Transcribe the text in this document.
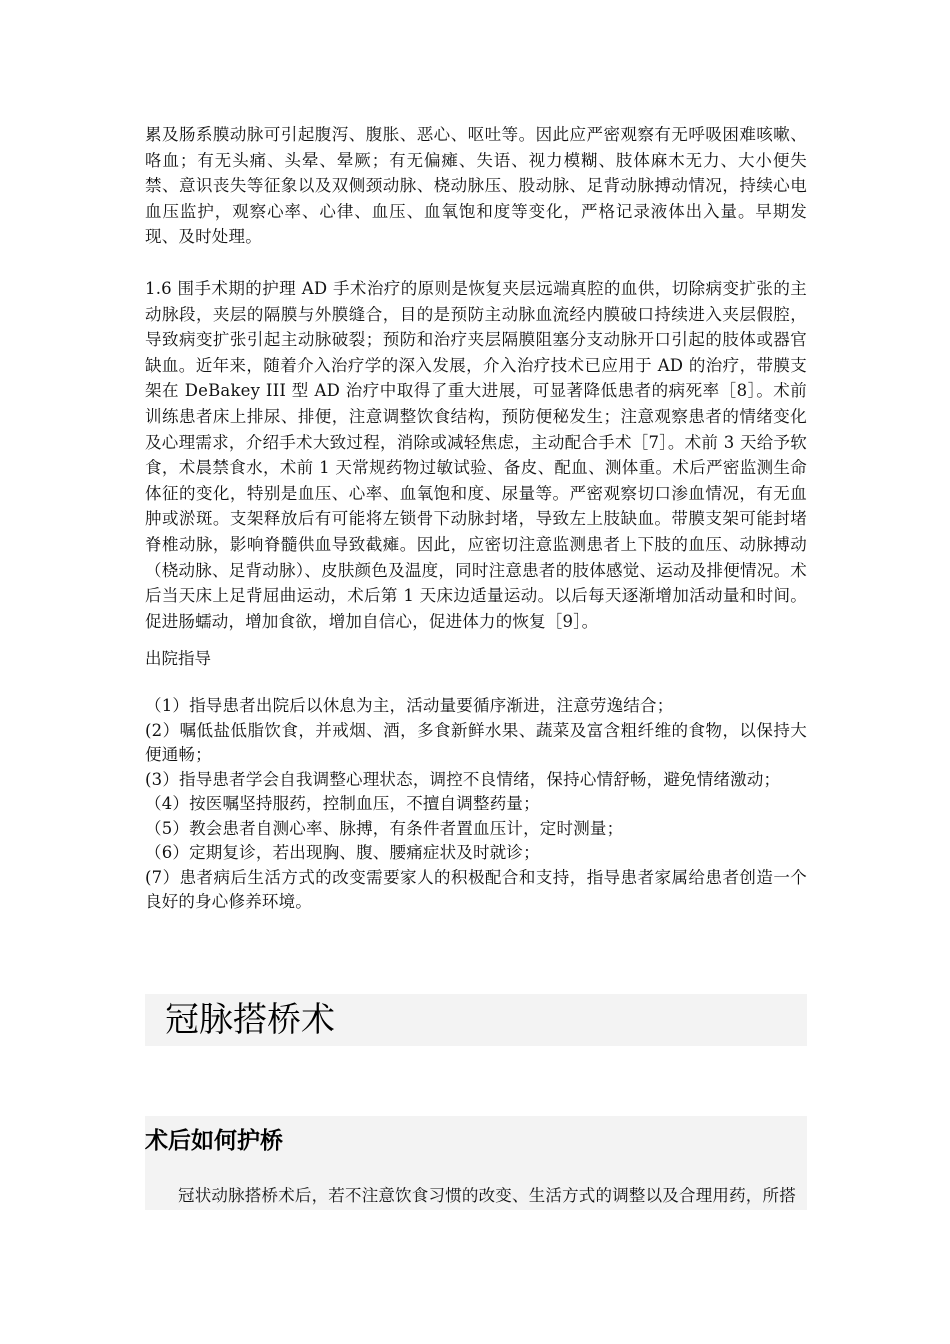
累及肠系膜动脉可引起腹泻、腹胀、恶心、呕吐等。因此应严密观察有无呼吸困难咳嗽、咯血；有无头痛、头晕、晕厥；有无偏瘫、失语、视力模糊、肢体麻木无力、大小便失禁、意识丧失等征象以及双侧颈动脉、桡动脉压、股动脉、足背动脉搏动情况，持续心电血压监护，观察心率、心律、血压、血氧饱和度等变化，严格记录液体出入量。早期发现、及时处理。

1.6 围手术期的护理 AD 手术治疗的原则是恢复夹层远端真腔的血供，切除病变扩张的主动脉段，夹层的隔膜与外膜缝合，目的是预防主动脉血流经内膜破口持续进入夹层假腔，导致病变扩张引起主动脉破裂；预防和治疗夹层隔膜阻塞分支动脉开口引起的肢体或器官缺血。近年来，随着介入治疗学的深入发展，介入治疗技术已应用于 AD 的治疗，带膜支架在 DeBakey III 型 AD 治疗中取得了重大进展，可显著降低患者的病死率［8］。术前训练患者床上排尿、排便，注意调整饮食结构，预防便秘发生；注意观察患者的情绪变化及心理需求，介绍手术大致过程，消除或减轻焦虑，主动配合手术［7］。术前 3 天给予软食，术晨禁食水，术前 1 天常规药物过敏试验、备皮、配血、测体重。术后严密监测生命体征的变化，特别是血压、心率、血氧饱和度、尿量等。严密观察切口渗血情况，有无血肿或淤斑。支架释放后有可能将左锁骨下动脉封堵，导致左上肢缺血。带膜支架可能封堵脊椎动脉，影响脊髓供血导致截瘫。因此，应密切注意监测患者上下肢的血压、动脉搏动（桡动脉、足背动脉）、皮肤颜色及温度，同时注意患者的肢体感觉、运动及排便情况。术后当天床上足背屈曲运动，术后第 1 天床边适量运动。以后每天逐渐增加活动量和时间。促进肠蠕动，增加食欲，增加自信心，促进体力的恢复［9］。

出院指导

（1）指导患者出院后以休息为主，活动量要循序渐进，注意劳逸结合；
(2）嘱低盐低脂饮食，并戒烟、酒，多食新鲜水果、蔬菜及富含粗纤维的食物，以保持大便通畅；
(3）指导患者学会自我调整心理状态，调控不良情绪，保持心情舒畅，避免情绪激动；
（4）按医嘱坚持服药，控制血压，不擅自调整药量；
（5）教会患者自测心率、脉搏，有条件者置血压计，定时测量；
（6）定期复诊，若出现胸、腹、腰痛症状及时就诊；
(7）患者病后生活方式的改变需要家人的积极配合和支持，指导患者家属给患者创造一个良好的身心修养环境。
冠脉搭桥术
术后如何护桥

冠状动脉搭桥术后，若不注意饮食习惯的改变、生活方式的调整以及合理用药，所搭
